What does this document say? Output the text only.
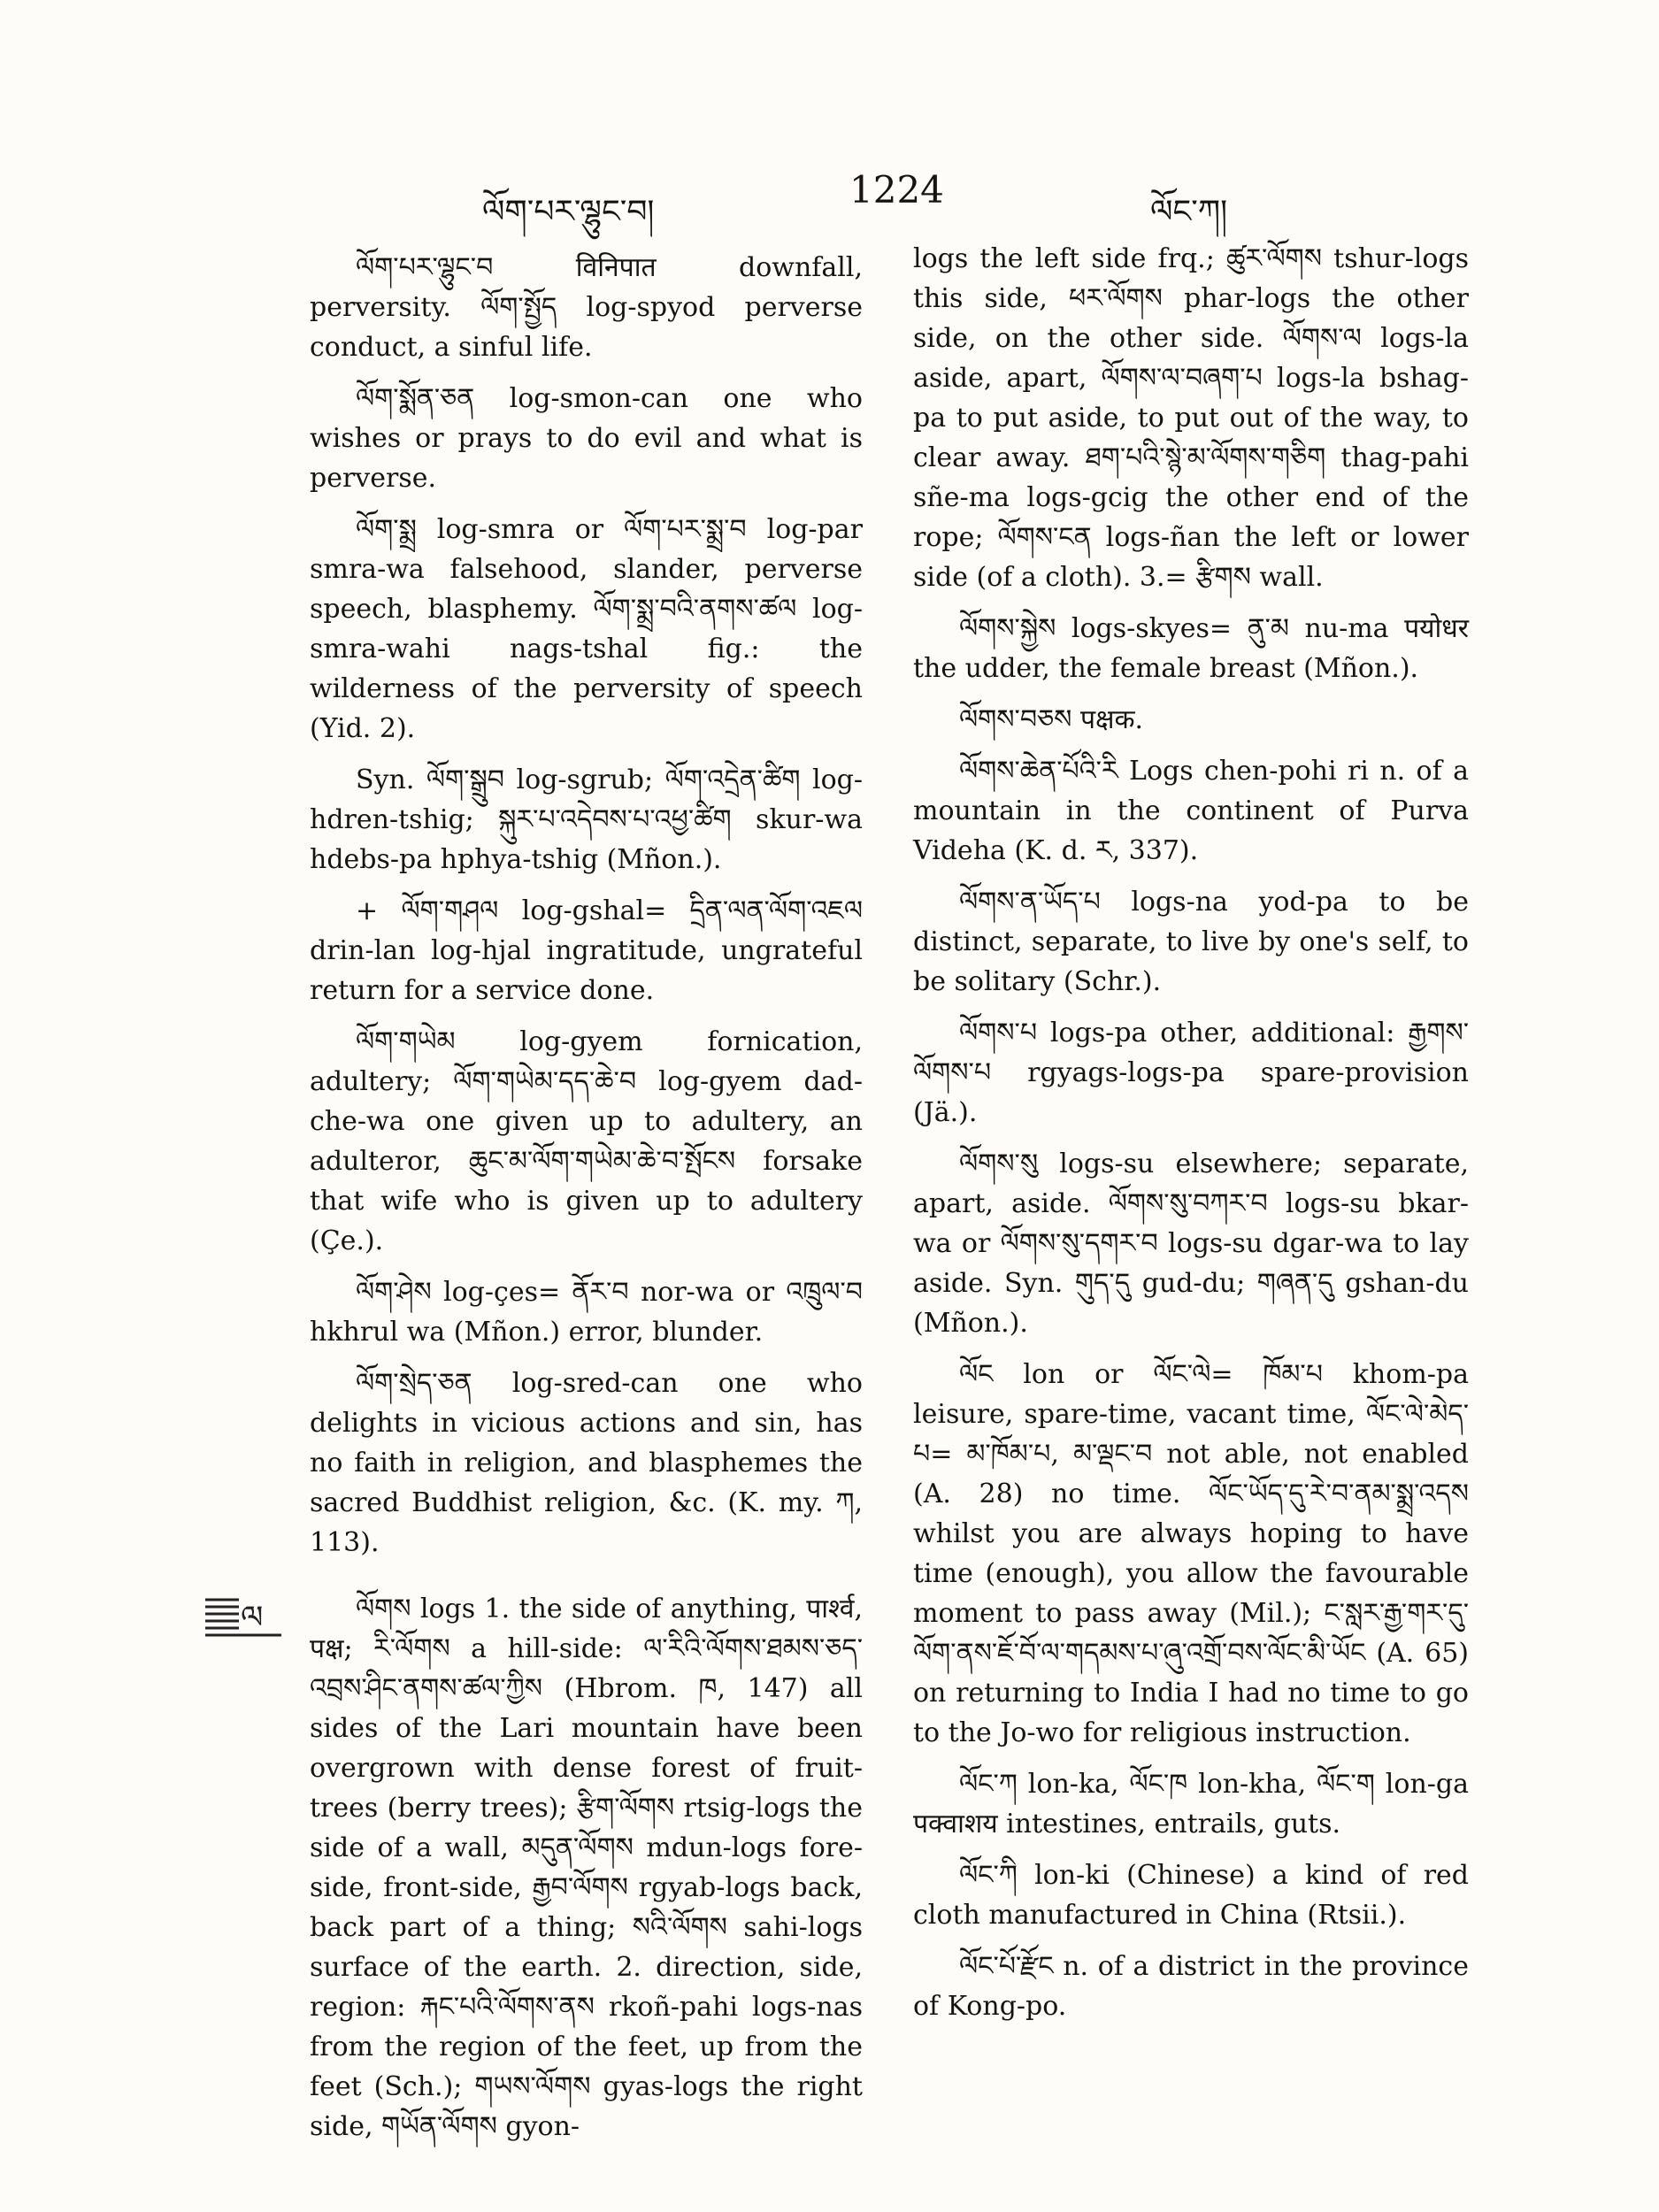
ལོག་པར་ལྷུང་བ།
1224
ལོང་ཀ།

ལོག་པར་ལྷུང་བ विनिपात downfall, perversity. ལོག་སྤྱོད log-spyod perverse conduct, a sinful life.

ལོག་སྨོན་ཅན log-smon-can one who wishes or prays to do evil and what is perverse.

ལོག་སྨྲ log-smra or ལོག་པར་སྨྲ་བ log-par smra-wa falsehood, slander, perverse speech, blasphemy. ལོག་སྨྲ་བའི་ནགས་ཚལ log-smra-wahi nags-tshal fig.: the wilderness of the perversity of speech (Yid. 2).

Syn. ལོག་སྒྲུབ log-sgrub; ལོག་འདྲེན་ཚིག log-hdren-tshig; སྐུར་པ་འདེབས་པ་འཕྱ་ཚིག skur-wa hdebs-pa hphya-tshig (Mñon.).

+ ལོག་གཤལ log-gshal= དྲིན་ལན་ལོག་འཇལ drin-lan log-hjal ingratitude, ungrateful return for a service done.

ལོག་གཡེམ log-gyem fornication, adultery; ལོག་གཡེམ་དད་ཆེ་བ log-gyem dad-che-wa one given up to adultery, an adulteror, ཆུང་མ་ལོག་གཡེམ་ཆེ་བ་སྤོངས forsake that wife who is given up to adultery (Çe.).

ལོག་ཤེས log-çes= ནོར་བ nor-wa or འཁྲུལ་བ hkhrul wa (Mñon.) error, blunder.

ལོག་སྲེད་ཅན log-sred-can one who delights in vicious actions and sin, has no faith in religion, and blasphemes the sacred Buddhist religion, &c. (K. my. ཀ, 113).

ལོགས logs 1. the side of anything, पार्श्व, पक्ष; རི་ལོགས a hill-side: ལ་རིའི་ལོགས་ཐམས་ཅད་འབྲས་ཤིང་ནགས་ཚལ་ཀྱིས (Hbrom. ཁ, 147) all sides of the Lari mountain have been overgrown with dense forest of fruit-trees (berry trees); རྩིག་ལོགས rtsig-logs the side of a wall, མདུན་ལོགས mdun-logs fore-side, front-side, རྒྱབ་ལོགས rgyab-logs back, back part of a thing; སའི་ལོགས sahi-logs surface of the earth. 2. direction, side, region: རྐང་པའི་ལོགས་ནས rkoñ-pahi logs-nas from the region of the feet, up from the feet (Sch.); གཡས་ལོགས gyas-logs the right side, གཡོན་ལོགས gyon-

logs the left side frq.; ཚུར་ལོགས tshur-logs this side, ཕར་ལོགས phar-logs the other side, on the other side. ལོགས་ལ logs-la aside, apart, ལོགས་ལ་བཞག་པ logs-la bshag-pa to put aside, to put out of the way, to clear away. ཐག་པའི་སྙེ་མ་ལོགས་གཅིག thag-pahi sñe-ma logs-gcig the other end of the rope; ལོགས་ངན logs-ñan the left or lower side (of a cloth). 3.= རྩིགས wall.

ལོགས་སྐྱེས logs-skyes= ནུ་མ nu-ma पयोधर the udder, the female breast (Mñon.).

ལོགས་བཅས पक्षक.

ལོགས་ཆེན་པོའི་རི Logs chen-pohi ri n. of a mountain in the continent of Purva Videha (K. d. ར, 337).

ལོགས་ན་ཡོད་པ logs-na yod-pa to be distinct, separate, to live by one's self, to be solitary (Schr.).

ལོགས་པ logs-pa other, additional: རྒྱགས་ལོགས་པ rgyags-logs-pa spare-provision (Jä.).

ལོགས་སུ logs-su elsewhere; separate, apart, aside. ལོགས་སུ་བཀར་བ logs-su bkar-wa or ལོགས་སུ་དགར་བ logs-su dgar-wa to lay aside. Syn. གུད་དུ gud-du; གཞན་དུ gshan-du (Mñon.).

ལོང lon or ལོང་ལེ= ཁོམ་པ khom-pa leisure, spare-time, vacant time, ལོང་ལེ་མེད་པ= མ་ཁོམ་པ, མ་ལྡང་བ not able, not enabled (A. 28) no time. ལོང་ཡོད་དུ་རེ་བ་ནམ་སྨྲ་འདས whilst you are always hoping to have time (enough), you allow the favourable moment to pass away (Mil.); ང་སླར་རྒྱ་གར་དུ་ལོག་ནས་ཇོ་བོ་ལ་གདམས་པ་ཞུ་འགྲོ་བས་ལོང་མི་ཡོང (A. 65) on returning to India I had no time to go to the Jo-wo for religious instruction.

ལོང་ཀ lon-ka, ལོང་ཁ lon-kha, ལོང་ག lon-ga पक्वाशय intestines, entrails, guts.

ལོང་ཀི lon-ki (Chinese) a kind of red cloth manufactured in China (Rtsii.).

ལོང་པོ་རྫོང n. of a district in the province of Kong-po.

ལ
